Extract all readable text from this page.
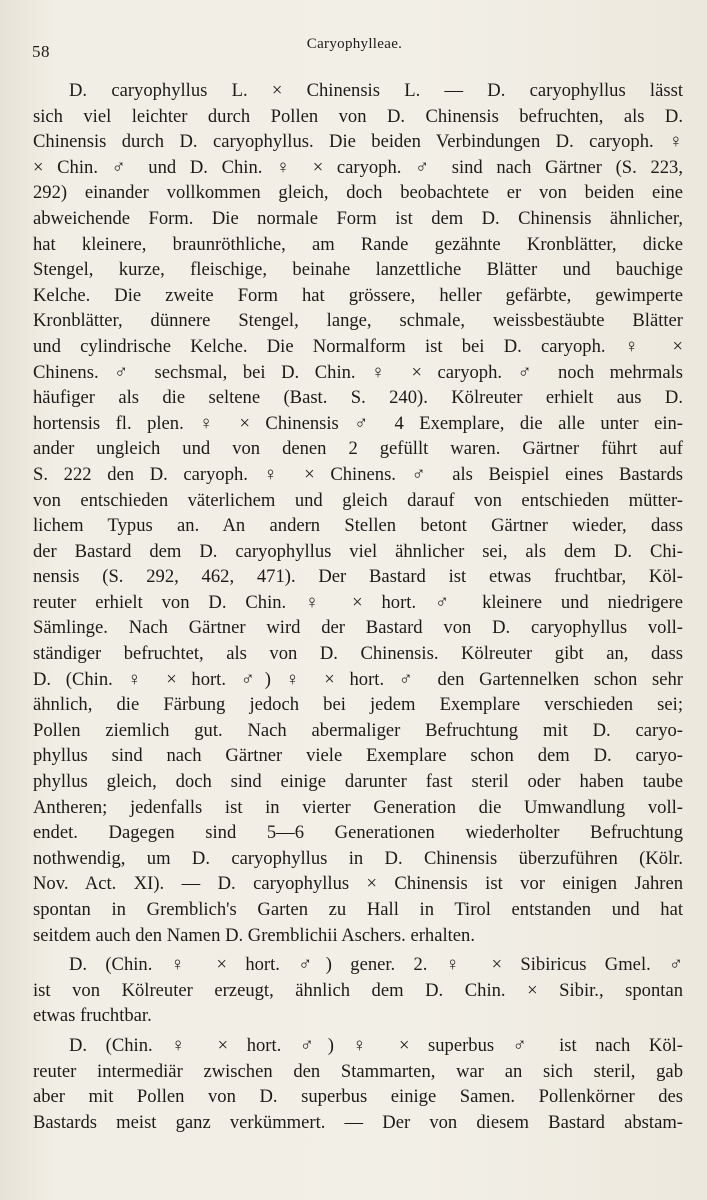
58	Caryophylleae.
D. caryophyllus L. × Chinensis L. — D. caryophyllus lässt
sich viel leichter durch Pollen von D. Chinensis befruchten, als D.
Chinensis durch D. caryophyllus. Die beiden Verbindungen D. caryoph. ♀
× Chin. ♂ und D. Chin. ♀ × caryoph. ♂ sind nach Gärtner (S. 223,
292) einander vollkommen gleich, doch beobachtete er von beiden eine
abweichende Form. Die normale Form ist dem D. Chinensis ähnlicher,
hat kleinere, braunröthliche, am Rande gezähnte Kronblätter, dicke
Stengel, kurze, fleischige, beinahe lanzettliche Blätter und bauchige
Kelche. Die zweite Form hat grössere, heller gefärbte, gewimperte
Kronblätter, dünnere Stengel, lange, schmale, weissbestäubte Blätter
und cylindrische Kelche. Die Normalform ist bei D. caryoph. ♀ ×
Chinens. ♂ sechsmal, bei D. Chin. ♀ × caryoph. ♂ noch mehrmals
häufiger als die seltene (Bast. S. 240). Kölreuter erhielt aus D.
hortensis fl. plen. ♀ × Chinensis ♂ 4 Exemplare, die alle unter ein-
ander ungleich und von denen 2 gefüllt waren. Gärtner führt auf
S. 222 den D. caryoph. ♀ × Chinens. ♂ als Beispiel eines Bastards
von entschieden väterlichem und gleich darauf von entschieden mütter-
lichem Typus an. An andern Stellen betont Gärtner wieder, dass
der Bastard dem D. caryophyllus viel ähnlicher sei, als dem D. Chi-
nensis (S. 292, 462, 471). Der Bastard ist etwas fruchtbar, Köl-
reuter erhielt von D. Chin. ♀ × hort. ♂ kleinere und niedrigere
Sämlinge. Nach Gärtner wird der Bastard von D. caryophyllus voll-
ständiger befruchtet, als von D. Chinensis. Kölreuter gibt an, dass
D. (Chin. ♀ × hort. ♂) ♀ × hort. ♂ den Gartennelken schon sehr
ähnlich, die Färbung jedoch bei jedem Exemplare verschieden sei;
Pollen ziemlich gut. Nach abermaliger Befruchtung mit D. caryo-
phyllus sind nach Gärtner viele Exemplare schon dem D. caryo-
phyllus gleich, doch sind einige darunter fast steril oder haben taube
Antheren; jedenfalls ist in vierter Generation die Umwandlung voll-
endet. Dagegen sind 5—6 Generationen wiederholter Befruchtung
nothwendig, um D. caryophyllus in D. Chinensis überzuführen (Kölr.
Nov. Act. XI). — D. caryophyllus × Chinensis ist vor einigen Jahren
spontan in Gremblich's Garten zu Hall in Tirol entstanden und hat
seitdem auch den Namen D. Gremblichii Aschers. erhalten.
D. (Chin. ♀ × hort. ♂) gener. 2. ♀ × Sibiricus Gmel. ♂
ist von Kölreuter erzeugt, ähnlich dem D. Chin. × Sibir., spontan
etwas fruchtbar.
D. (Chin. ♀ × hort. ♂) ♀ × superbus ♂ ist nach Köl-
reuter intermediär zwischen den Stammarten, war an sich steril, gab
aber mit Pollen von D. superbus einige Samen. Pollenkörner des
Bastards meist ganz verkümmert. — Der von diesem Bastard abstam-
